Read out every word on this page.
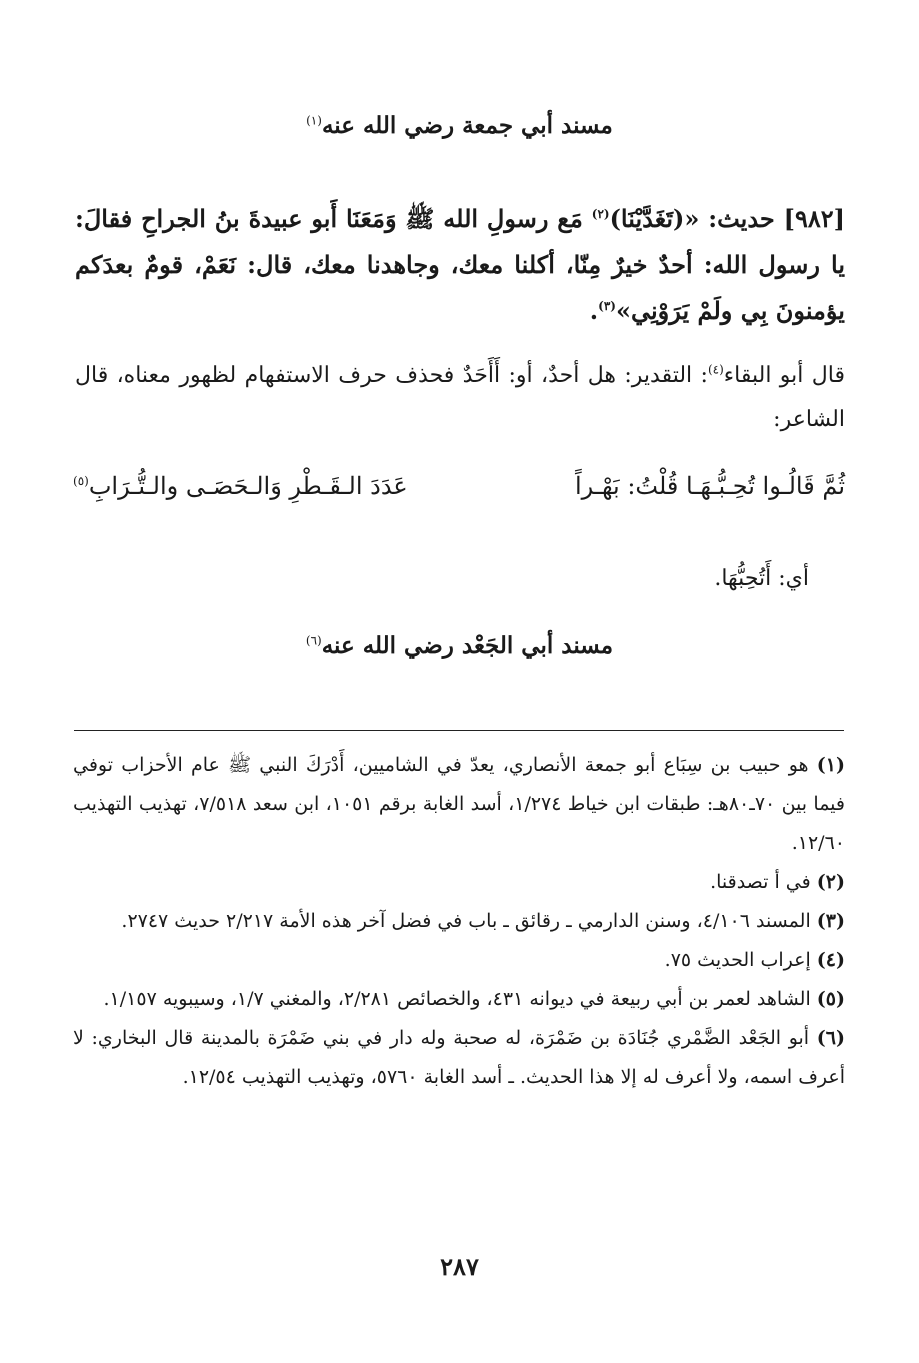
مسند أبي جمعة رضي الله عنه$^{(١)}$
[٩٨٢] حديث: «(تَغَدَّيْنَا)$^{(٢)}$ مَع رسولِ الله ﷺ وَمَعَنَا أَبو عبيدةَ بنُ الجراحِ فقالَ: يا رسول الله: أحدٌ خيرٌ مِنّا، أكلنا معك، وجاهدنا معك، قال: نَعَمْ، قومٌ بعدَكم يؤمنونَ بِي ولَمْ يَرَوْنِي»$^{(٣)}$.
قال أبو البقاء$^{(٤)}$: التقدير: هل أحدٌ، أو: أَأَحَدٌ فحذف حرف الاستفهام لظهور معناه، قال الشاعر:
ثُمَّ قَالُـوا تُحِـبُّـهَـا قُلْتُ: بَهْـراً
عَدَدَ الـقَـطْرِ وَالـحَصَـى والـتُّـرَابِ$^{(٥)}$
أي: أَتُحِبُّهَا.
مسند أبي الجَعْد رضي الله عنه$^{(٦)}$

(١) هو حبيب بن سِبَاع أبو جمعة الأنصاري، يعدّ في الشاميين، أَدْرَكَ النبي ﷺ عام الأحزاب توفي فيما بين ٧٠ـ٨٠هـ: طبقات ابن خياط ١/٢٧٤، أسد الغابة برقم ١٠٥١، ابن سعد ٧/٥١٨، تهذيب التهذيب ١٢/٦٠.

(٢) في أ تصدقنا.

(٣) المسند ٤/١٠٦، وسنن الدارمي ـ رقائق ـ باب في فضل آخر هذه الأمة ٢/٢١٧ حديث ٢٧٤٧.

(٤) إعراب الحديث ٧٥.

(٥) الشاهد لعمر بن أبي ربيعة في ديوانه ٤٣١، والخصائص ٢/٢٨١، والمغني ١/٧، وسيبويه ١/١٥٧.

(٦) أبو الجَعْد الضَّمْري جُنَادَة بن ضَمْرَة، له صحبة وله دار في بني ضَمْرَة بالمدينة قال البخاري: لا أعرف اسمه، ولا أعرف له إلا هذا الحديث. ـ أسد الغابة ٥٧٦٠، وتهذيب التهذيب ١٢/٥٤.

٢٨٧
